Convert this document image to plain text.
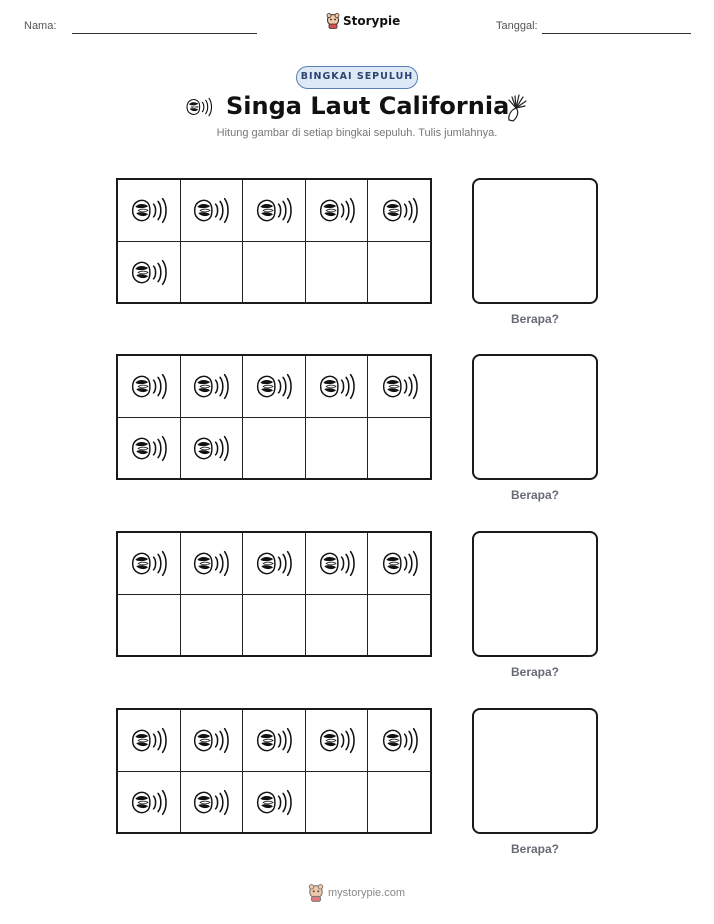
Nama:	Storypie	Tanggal:
BINGKAI SEPULUH
Singa Laut California
Hitung gambar di setiap bingkai sepuluh. Tulis jumlahnya.
Berapa?
Berapa?
Berapa?
Berapa?
mystorypie.com
